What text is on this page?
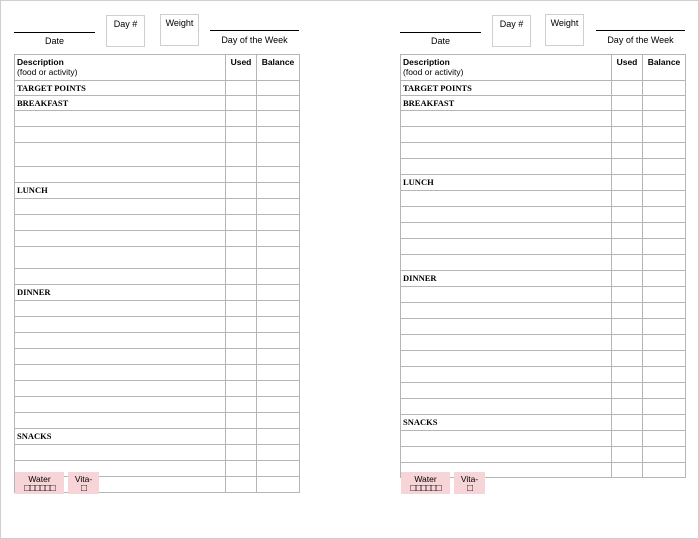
Date
Day #	Weight
Day of the Week
Description
(food or activity)	Used	Balance
TARGET POINTS		
BREAKFAST		

LUNCH		

DINNER		

SNACKS		

Water
□□□□□□
Vita-
□
Date
Day #	Weight
Day of the Week
Description
(food or activity)	Used	Balance
TARGET POINTS		
BREAKFAST		

LUNCH		

DINNER		

SNACKS		

Water
□□□□□□
Vita-
□
